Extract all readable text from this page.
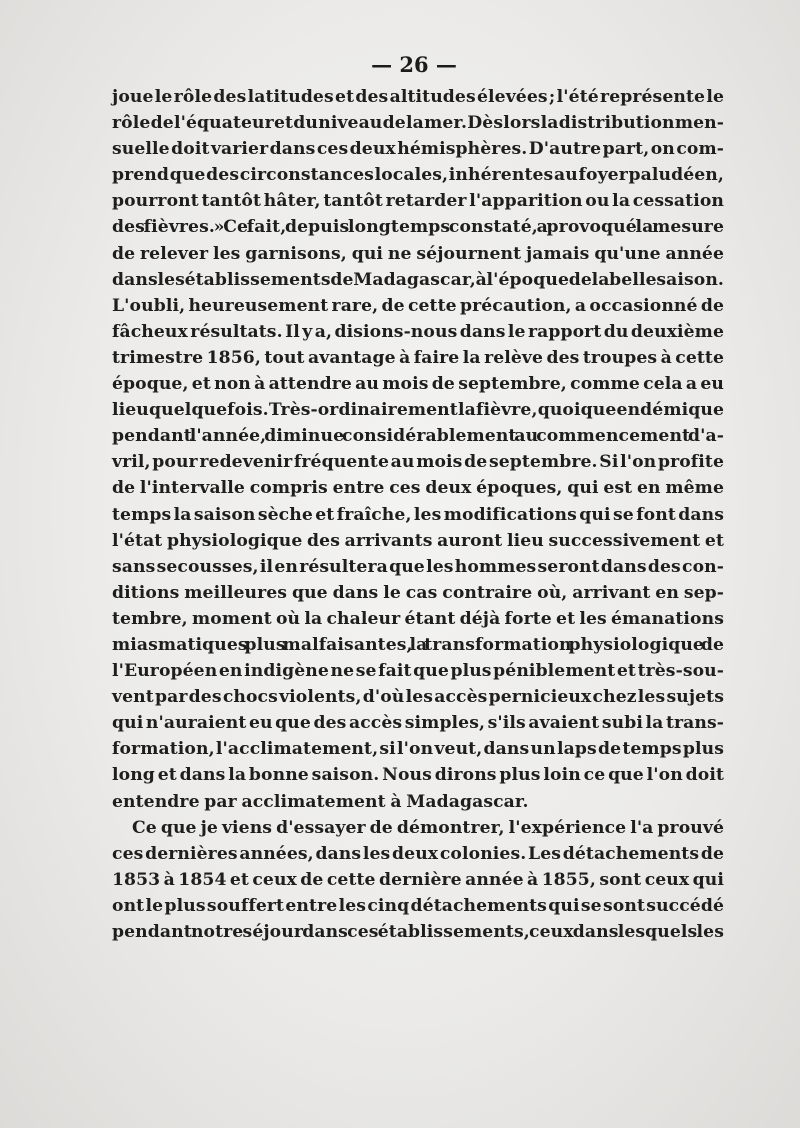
— 26 —
joue le rôle des latitudes et des altitudes élevées ; l'été représente le
rôle de l'équateur et du niveau de la mer. Dès lors la distribution men-
suelle doit varier dans ces deux hémisphères. D'autre part, on com-
prend que des circonstances locales, inhérentes au foyer paludéen,
pourront tantôt hâter, tantôt retarder l'apparition ou la cessation
des fièvres. » Ce fait, depuis longtemps constaté, a provoqué la mesure
de relever les garnisons, qui ne séjournent jamais qu'une année
dans les établissements de Madagascar, à l'époque de la belle saison.
L'oubli, heureusement rare, de cette précaution, a occasionné de
fâcheux résultats. Il y a, disions-nous dans le rapport du deuxième
trimestre 1856, tout avantage à faire la relève des troupes à cette
époque, et non à attendre au mois de septembre, comme cela a eu
lieu quelquefois. Très-ordinairement la fièvre, quoique endémique
pendant l'année, diminue considérablement au commencement d'a-
vril, pour redevenir fréquente au mois de septembre. Si l'on profite
de l'intervalle compris entre ces deux époques, qui est en même
temps la saison sèche et fraîche, les modifications qui se font dans
l'état physiologique des arrivants auront lieu successivement et
sans secousses, il en résultera que les hommes seront dans des con-
ditions meilleures que dans le cas contraire où, arrivant en sep-
tembre, moment où la chaleur étant déjà forte et les émanations
miasmatiques plus malfaisantes, la transformation physiologique de
l'Européen en indigène ne se fait que plus péniblement et très-sou-
vent par des chocs violents, d'où les accès pernicieux chez les sujets
qui n'auraient eu que des accès simples, s'ils avaient subi la trans-
formation, l'acclimatement, si l'on veut, dans un laps de temps plus
long et dans la bonne saison. Nous dirons plus loin ce que l'on doit
entendre par acclimatement à Madagascar.
Ce que je viens d'essayer de démontrer, l'expérience l'a prouvé
ces dernières années, dans les deux colonies. Les détachements de
1853 à 1854 et ceux de cette dernière année à 1855, sont ceux qui
ont le plus souffert entre les cinq détachements qui se sont succédé
pendant notre séjour dans ces établissements, ceux dans lesquels les
